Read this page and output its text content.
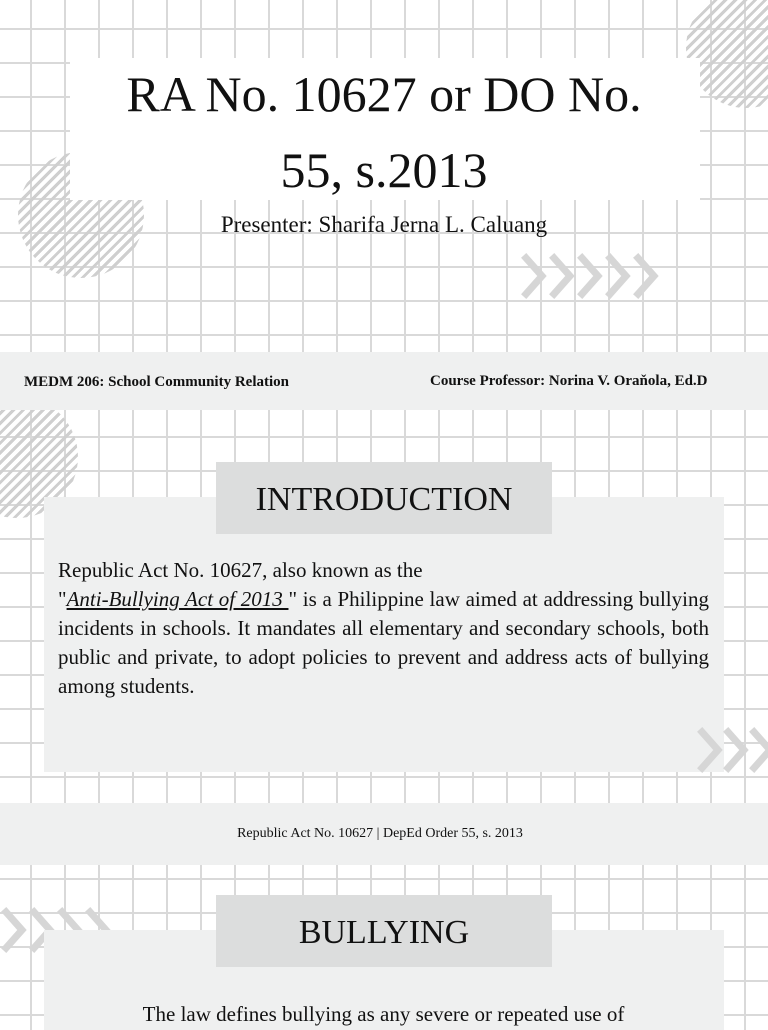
RA No. 10627 or DO No.
55, s.2013
Presenter: Sharifa Jerna L. Caluang
MEDM 206: School Community Relation	Course Professor: Norina V. Oraňola, Ed.D
INTRODUCTION
Republic Act No. 10627, also known as the
"Anti-Bullying Act of 2013 " is a Philippine law aimed at addressing bullying incidents in schools. It mandates all elementary and secondary schools, both public and private, to adopt policies to prevent and address acts of bullying among students.
Republic Act No. 10627 | DepEd Order 55, s. 2013
BULLYING
The law defines bullying as any severe or repeated use of
